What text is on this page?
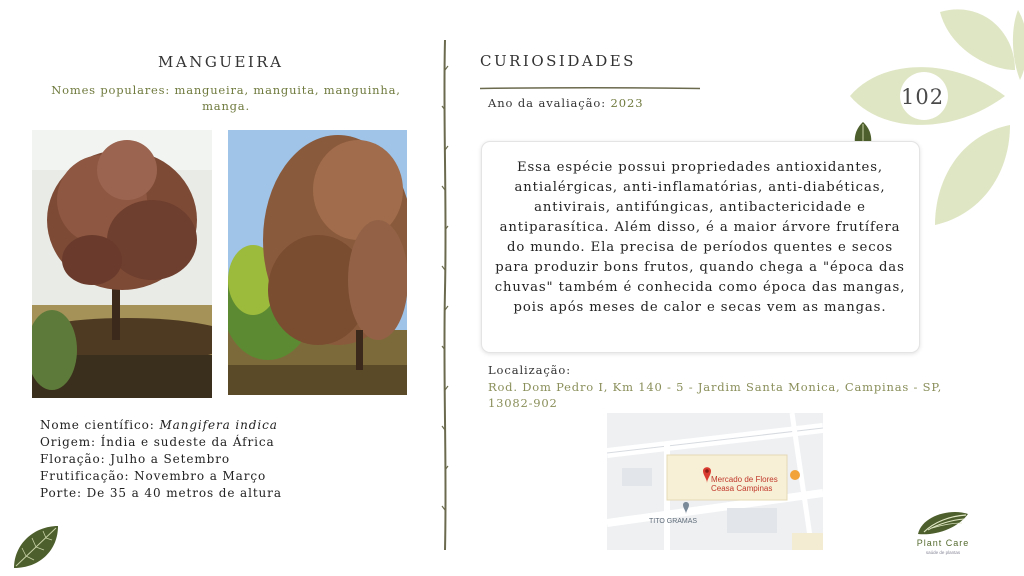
MANGUEIRA
Nomes populares: mangueira, manguita, manguinha, manga.
Nome científico: Mangifera indica
Origem: Índia e sudeste da África
Floração: Julho a Setembro
Frutificação: Novembro a Março
Porte: De 35 a 40 metros de altura
CURIOSIDADES
Ano da avaliação: 2023	102
Essa espécie possui propriedades antioxidantes, antialérgicas, anti-inflamatórias, anti-diabéticas, antivirais, antifúngicas, antibactericidade e antiparasítica. Além disso, é a maior árvore frutífera do mundo. Ela precisa de períodos quentes e secos para produzir bons frutos, quando chega a "época das chuvas" também é conhecida como época das mangas, pois após meses de calor e secas vem as mangas.
Localização:
Rod. Dom Pedro I, Km 140 - 5 - Jardim Santa Monica, Campinas - SP, 13082-902
Mercado de Flores
Ceasa Campinas
TITO GRAMAS
Plant Care
saúde de plantas
